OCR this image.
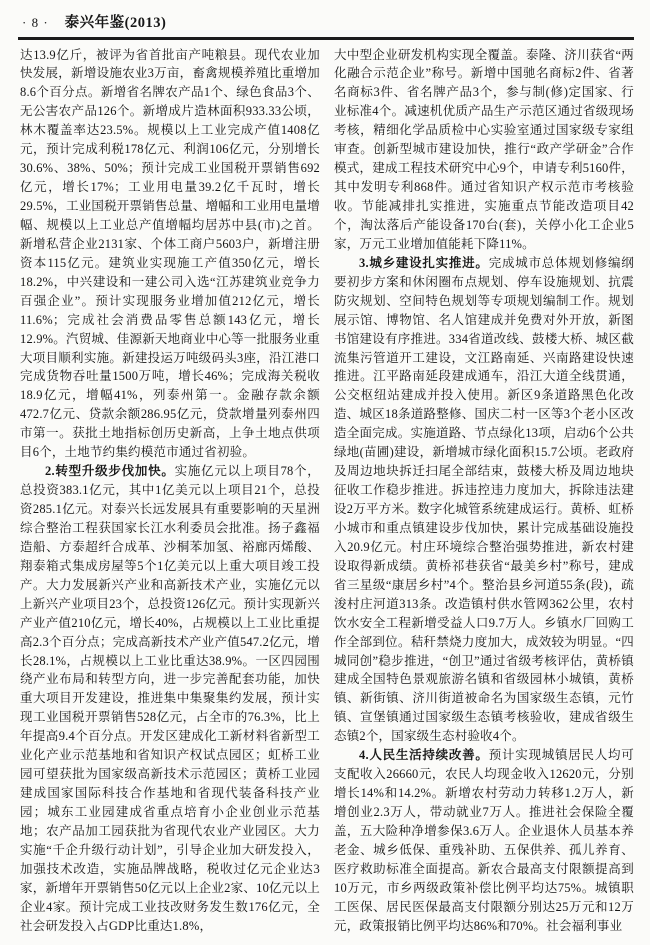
· 8 · 泰兴年鉴(2013)

达13.9亿斤，被评为省首批亩产吨粮县。现代农业加快发展，新增设施农业3万亩，畜禽规模养殖比重增加8.6个百分点。新增省名牌农产品1个、绿色食品3个、无公害农产品126个。新增成片造林面积933.33公顷，林木覆盖率达23.5%。规模以上工业完成产值1408亿元，预计完成利税178亿元、利润106亿元，分别增长30.6%、38%、50%；预计完成工业国税开票销售692亿元，增长17%；工业用电量39.2亿千瓦时，增长29.5%，工业国税开票销售总量、增幅和工业用电量增幅、规模以上工业总产值增幅均居苏中县(市)之首。新增私营企业2131家、个体工商户5603户，新增注册资本115亿元。建筑业实现施工产值350亿元，增长18.2%，中兴建设和一建公司入选“江苏建筑业竞争力百强企业”。预计实现服务业增加值212亿元，增长11.6%；完成社会消费品零售总额143亿元，增长12.9%。汽贸城、佳源新天地商业中心等一批服务业重大项目顺利实施。新建投运万吨级码头3座，沿江港口完成货物吞吐量1500万吨，增长46%；完成海关税收18.9亿元，增幅41%，列泰州第一。金融存款余额472.7亿元、贷款余额286.95亿元，贷款增量列泰州四市第一。获批土地指标创历史新高，上争土地点供项目6个，土地节约集约模范市通过省初验。

2.转型升级步伐加快。实施亿元以上项目78个，总投资383.1亿元，其中1亿美元以上项目21个，总投资285.1亿元。对泰兴长远发展具有重要影响的天星洲综合整治工程获国家长江水利委员会批准。扬子鑫福造船、方泰超纤合成革、沙桐苯加氢、裕廊丙烯酸、翔泰箱式集成房屋等5个1亿美元以上重大项目竣工投产。大力发展新兴产业和高新技术产业，实施亿元以上新兴产业项目23个，总投资126亿元。预计实现新兴产业产值210亿元，增长40%，占规模以上工业比重提高2.3个百分点；完成高新技术产业产值547.2亿元，增长28.1%，占规模以上工业比重达38.9%。一区四园围绕产业布局和转型方向，进一步完善配套功能，加快重大项目开发建设，推进集中集聚集约发展，预计实现工业国税开票销售528亿元，占全市的76.3%，比上年提高9.4个百分点。开发区建成化工新材料省新型工业化产业示范基地和省知识产权试点园区；虹桥工业园可望获批为国家级高新技术示范园区；黄桥工业园建成国家国际科技合作基地和省现代装备科技产业园；城东工业园建成省重点培育小企业创业示范基地；农产品加工园获批为省现代农业产业园区。大力实施“千企升级行动计划”，引导企业加大研发投入，加强技术改造，实施品牌战略，税收过亿元企业达3家，新增年开票销售50亿元以上企业2家、10亿元以上企业4家。预计完成工业技改财务发生数176亿元，全社会研发投入占GDP比重达1.8%，

大中型企业研发机构实现全覆盖。泰隆、济川获省“两化融合示范企业”称号。新增中国驰名商标2件、省著名商标3件、省名牌产品3个，参与制(修)定国家、行业标准4个。减速机优质产品生产示范区通过省级现场考核，精细化学品质检中心实验室通过国家级专家组审查。创新型城市建设加快，推行“政产学研金”合作模式，建成工程技术研究中心9个，申请专利5160件，其中发明专利868件。通过省知识产权示范市考核验收。节能减排扎实推进，实施重点节能改造项目42个，淘汰落后产能设备170台(套)，关停小化工企业5家，万元工业增加值能耗下降11%。

3.城乡建设扎实推进。完成城市总体规划修编纲要初步方案和休闲圈布点规划、停车设施规划、抗震防灾规划、空间特色规划等专项规划编制工作。规划展示馆、博物馆、名人馆建成并免费对外开放，新图书馆建设有序推进。334省道改线、鼓楼大桥、城区截流集污管道开工建设，文江路南延、兴南路建设快速推进。江平路南延段建成通车，沿江大道全线贯通，公交枢纽站建成并投入使用。新区9条道路黑色化改造、城区18条道路整修、国庆二村一区等3个老小区改造全面完成。实施道路、节点绿化13项，启动6个公共绿地(苗圃)建设，新增城市绿化面积15.7公顷。老政府及周边地块拆迁扫尾全部结束，鼓楼大桥及周边地块征收工作稳步推进。拆违控违力度加大，拆除违法建设2万平方米。数字化城管系统建成运行。黄桥、虹桥小城市和重点镇建设步伐加快，累计完成基础设施投入20.9亿元。村庄环境综合整治强势推进，新农村建设取得新成绩。黄桥祁巷获省“最美乡村”称号，建成省三星级“康居乡村”4个。整治县乡河道55条(段)，疏浚村庄河道313条。改造镇村供水管网362公里，农村饮水安全工程新增受益人口9.7万人。乡镇水厂回购工作全部到位。秸秆禁烧力度加大，成效较为明显。“四城同创”稳步推进，“创卫”通过省级考核评估，黄桥镇建成全国特色景观旅游名镇和省级园林小城镇，黄桥镇、新街镇、济川街道被命名为国家级生态镇，元竹镇、宣堡镇通过国家级生态镇考核验收，建成省级生态镇2个，国家级生态村验收4个。

4.人民生活持续改善。预计实现城镇居民人均可支配收入26660元，农民人均现金收入12620元，分别增长14%和14.2%。新增农村劳动力转移1.2万人，新增创业2.3万人，带动就业7万人。推进社会保险全覆盖，五大险种净增参保3.6万人。企业退休人员基本养老金、城乡低保、重残补助、五保供养、孤儿养育、医疗救助标准全面提高。新农合最高支付限额提高到10万元，市乡两级政策补偿比例平均达75%。城镇职工医保、居民医保最高支付限额分别达25万元和12万元，政策报销比例平均达86%和70%。社会福利事业
